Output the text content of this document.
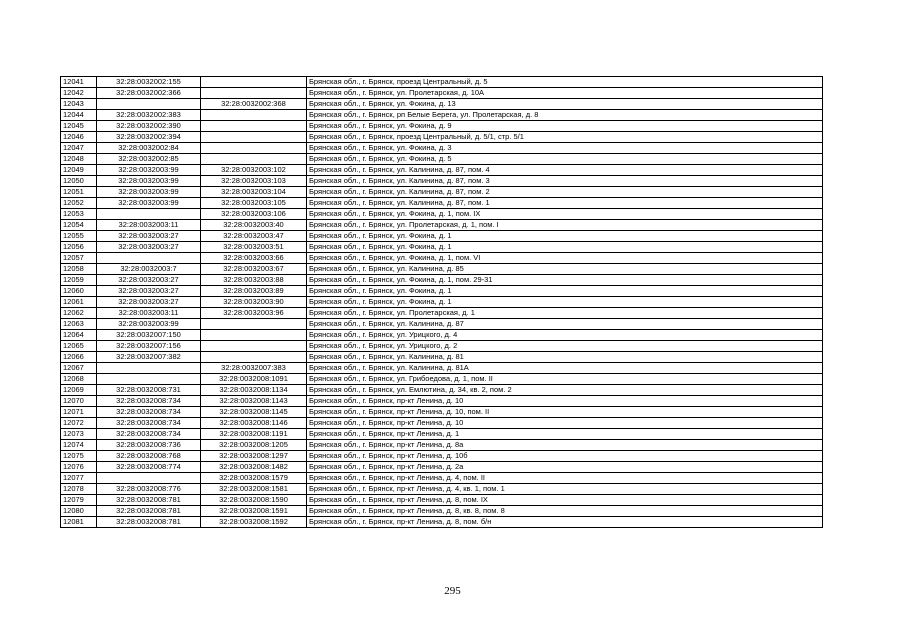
12041	32:28:0032002:155		Брянская обл., г. Брянск, проезд Центральный, д. 5
12042	32:28:0032002:366		Брянская обл., г. Брянск, ул. Пролетарская, д. 10А
12043		32:28:0032002:368	Брянская обл., г. Брянск, ул. Фокина, д. 13
12044	32:28:0032002:383		Брянская обл., г. Брянск, рп Белые Берега, ул. Пролетарская, д. 8
12045	32:28:0032002:390		Брянская обл., г. Брянск, ул. Фокина, д. 9
12046	32:28:0032002:394		Брянская обл., г. Брянск, проезд Центральный, д. 5/1, стр. 5/1
12047	32:28:0032002:84		Брянская обл., г. Брянск, ул. Фокина, д. 3
12048	32:28:0032002:85		Брянская обл., г. Брянск, ул. Фокина, д. 5
12049	32:28:0032003:99	32:28:0032003:102	Брянская обл., г. Брянск, ул. Калинина, д. 87, пом. 4
12050	32:28:0032003:99	32:28:0032003:103	Брянская обл., г. Брянск, ул. Калинина, д. 87, пом. 3
12051	32:28:0032003:99	32:28:0032003:104	Брянская обл., г. Брянск, ул. Калинина, д. 87, пом. 2
12052	32:28:0032003:99	32:28:0032003:105	Брянская обл., г. Брянск, ул. Калинина, д. 87, пом. 1
12053		32:28:0032003:106	Брянская обл., г. Брянск, ул. Фокина, д. 1, пом. IX
12054	32:28:0032003:11	32:28:0032003:40	Брянская обл., г. Брянск, ул. Пролетарская, д. 1, пом. I
12055	32:28:0032003:27	32:28:0032003:47	Брянская обл., г. Брянск, ул. Фокина, д. 1
12056	32:28:0032003:27	32:28:0032003:51	Брянская обл., г. Брянск, ул. Фокина, д. 1
12057		32:28:0032003:66	Брянская обл., г. Брянск, ул. Фокина, д. 1, пом. VI
12058	32:28:0032003:7	32:28:0032003:67	Брянская обл., г. Брянск, ул. Калинина, д. 85
12059	32:28:0032003:27	32:28:0032003:88	Брянская обл., г. Брянск, ул. Фокина, д. 1, пом. 29-31
12060	32:28:0032003:27	32:28:0032003:89	Брянская обл., г. Брянск, ул. Фокина, д. 1
12061	32:28:0032003:27	32:28:0032003:90	Брянская обл., г. Брянск, ул. Фокина, д. 1
12062	32:28:0032003:11	32:28:0032003:96	Брянская обл., г. Брянск, ул. Пролетарская, д. 1
12063	32:28:0032003:99		Брянская обл., г. Брянск, ул. Калинина, д. 87
12064	32:28:0032007:150		Брянская обл., г. Брянск, ул. Урицкого, д. 4
12065	32:28:0032007:156		Брянская обл., г. Брянск, ул. Урицкого, д. 2
12066	32:28:0032007:382		Брянская обл., г. Брянск, ул. Калинина, д. 81
12067		32:28:0032007:383	Брянская обл., г. Брянск, ул. Калинина, д. 81А
12068		32:28:0032008:1091	Брянская обл., г. Брянск, ул. Грибоедова, д. 1, пом. II
12069	32:28:0032008:731	32:28:0032008:1134	Брянская обл., г. Брянск, ул. Емлютина, д. 34, кв. 2, пом. 2
12070	32:28:0032008:734	32:28:0032008:1143	Брянская обл., г. Брянск, пр-кт Ленина, д. 10
12071	32:28:0032008:734	32:28:0032008:1145	Брянская обл., г. Брянск, пр-кт Ленина, д. 10, пом. II
12072	32:28:0032008:734	32:28:0032008:1146	Брянская обл., г. Брянск, пр-кт Ленина, д. 10
12073	32:28:0032008:734	32:28:0032008:1191	Брянская обл., г. Брянск, пр-кт Ленина, д. 1
12074	32:28:0032008:736	32:28:0032008:1205	Брянская обл., г. Брянск, пр-кт Ленина, д. 8а
12075	32:28:0032008:768	32:28:0032008:1297	Брянская обл., г. Брянск, пр-кт Ленина, д. 10б
12076	32:28:0032008:774	32:28:0032008:1482	Брянская обл., г. Брянск, пр-кт Ленина, д. 2а
12077		32:28:0032008:1579	Брянская обл., г. Брянск, пр-кт Ленина, д. 4, пом. II
12078	32:28:0032008:776	32:28:0032008:1581	Брянская обл., г. Брянск, пр-кт Ленина, д. 4, кв. 1, пом. 1
12079	32:28:0032008:781	32:28:0032008:1590	Брянская обл., г. Брянск, пр-кт Ленина, д. 8, пом. IX
12080	32:28:0032008:781	32:28:0032008:1591	Брянская обл., г. Брянск, пр-кт Ленина, д. 8, кв. 8, пом. 8
12081	32:28:0032008:781	32:28:0032008:1592	Брянская обл., г. Брянск, пр-кт Ленина, д. 8, пом. б/н
295
